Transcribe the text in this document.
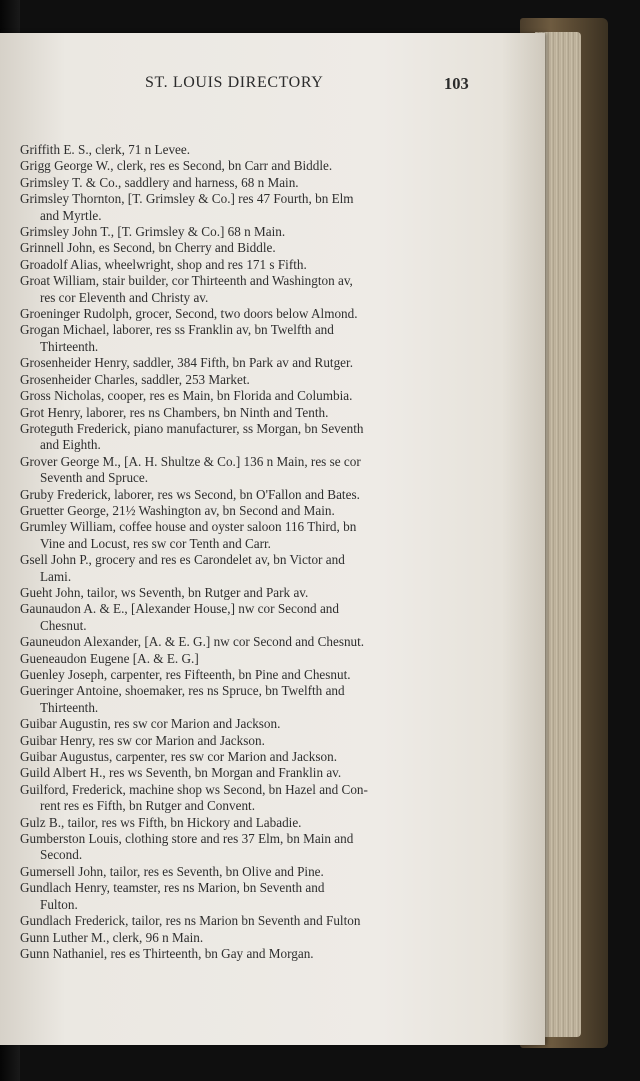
ST. LOUIS DIRECTORY	103
Griffith E. S., clerk, 71 n Levee.
Grigg George W., clerk, res es Second, bn Carr and Biddle.
Grimsley T. & Co., saddlery and harness, 68 n Main.
Grimsley Thornton, [T. Grimsley & Co.] res 47 Fourth, bn Elm
and Myrtle.
Grimsley John T., [T. Grimsley & Co.] 68 n Main.
Grinnell John, es Second, bn Cherry and Biddle.
Groadolf Alias, wheelwright, shop and res 171 s Fifth.
Groat William, stair builder, cor Thirteenth and Washington av,
res cor Eleventh and Christy av.
Groeninger Rudolph, grocer, Second, two doors below Almond.
Grogan Michael, laborer, res ss Franklin av, bn Twelfth and
Thirteenth.
Grosenheider Henry, saddler, 384 Fifth, bn Park av and Rutger.
Grosenheider Charles, saddler, 253 Market.
Gross Nicholas, cooper, res es Main, bn Florida and Columbia.
Grot Henry, laborer, res ns Chambers, bn Ninth and Tenth.
Groteguth Frederick, piano manufacturer, ss Morgan, bn Seventh
and Eighth.
Grover George M., [A. H. Shultze & Co.] 136 n Main, res se cor
Seventh and Spruce.
Gruby Frederick, laborer, res ws Second, bn O'Fallon and Bates.
Gruetter George, 21½ Washington av, bn Second and Main.
Grumley William, coffee house and oyster saloon 116 Third, bn
Vine and Locust, res sw cor Tenth and Carr.
Gsell John P., grocery and res es Carondelet av, bn Victor and
Lami.
Gueht John, tailor, ws Seventh, bn Rutger and Park av.
Gaunaudon A. & E., [Alexander House,] nw cor Second and
Chesnut.
Gauneudon Alexander, [A. & E. G.] nw cor Second and Chesnut.
Gueneaudon Eugene [A. & E. G.]
Guenley Joseph, carpenter, res Fifteenth, bn Pine and Chesnut.
Gueringer Antoine, shoemaker, res ns Spruce, bn Twelfth and
Thirteenth.
Guibar Augustin, res sw cor Marion and Jackson.
Guibar Henry, res sw cor Marion and Jackson.
Guibar Augustus, carpenter, res sw cor Marion and Jackson.
Guild Albert H., res ws Seventh, bn Morgan and Franklin av.
Guilford, Frederick, machine shop ws Second, bn Hazel and Con-
rent res es Fifth, bn Rutger and Convent.
Gulz B., tailor, res ws Fifth, bn Hickory and Labadie.
Gumberston Louis, clothing store and res 37 Elm, bn Main and
Second.
Gumersell John, tailor, res es Seventh, bn Olive and Pine.
Gundlach Henry, teamster, res ns Marion, bn Seventh and
Fulton.
Gundlach Frederick, tailor, res ns Marion bn Seventh and Fulton
Gunn Luther M., clerk, 96 n Main.
Gunn Nathaniel, res es Thirteenth, bn Gay and Morgan.
